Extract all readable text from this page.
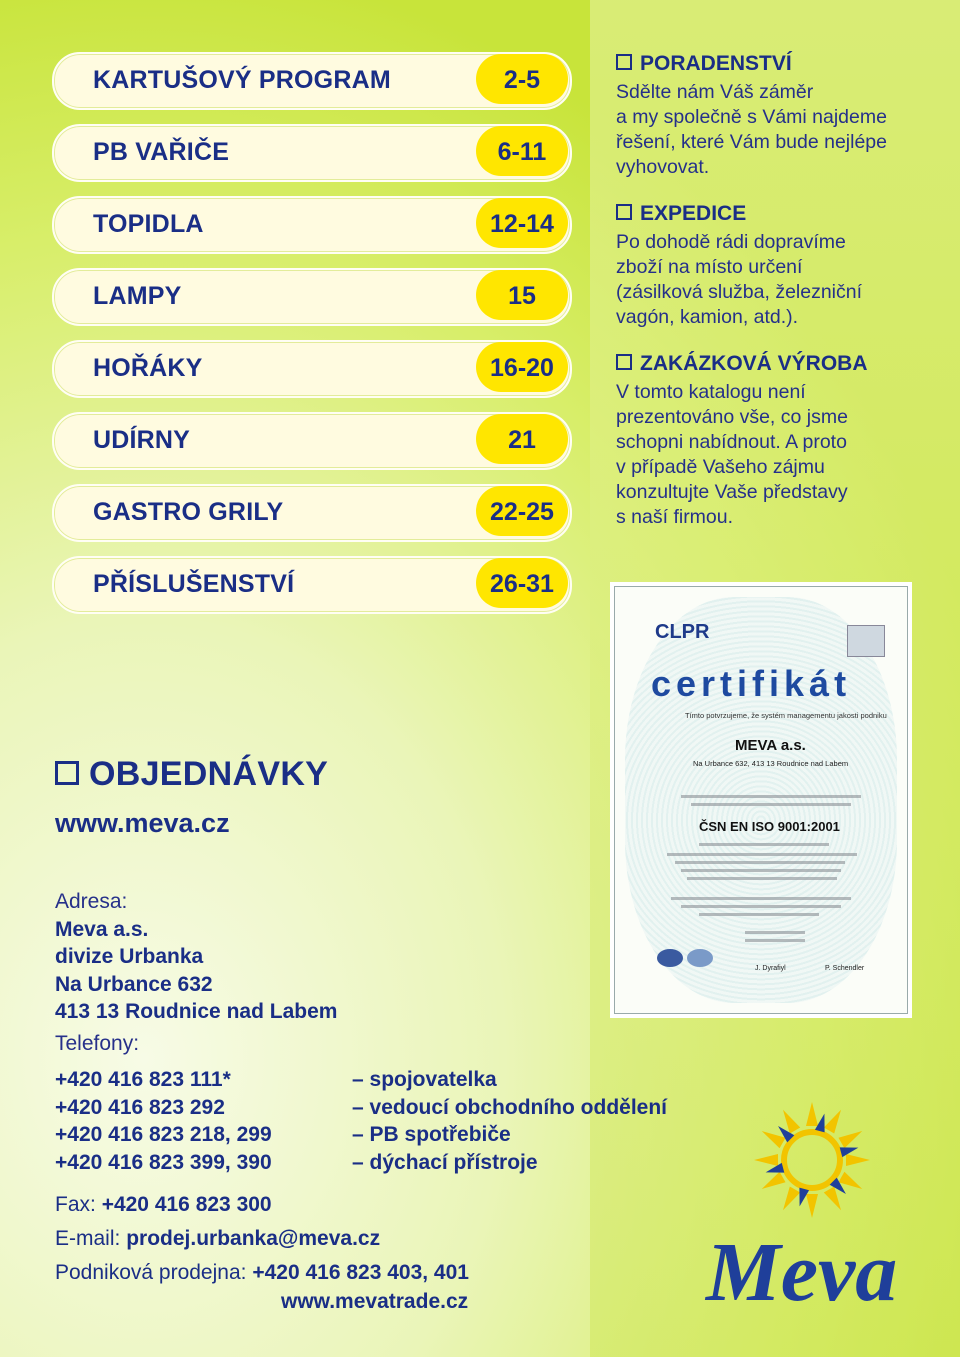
KARTUŠOVÝ PROGRAM	2-5
PB VAŘIČE	6-11
TOPIDLA	12-14
LAMPY	15
HOŘÁKY	16-20
UDÍRNY	21
GASTRO GRILY	22-25
PŘÍSLUŠENSTVÍ	26-31
PORADENSTVÍ

Sdělte nám Váš záměr
a my společně s Vámi najdeme
řešení, které Vám bude nejlépe
vyhovovat.

EXPEDICE

Po dohodě rádi dopravíme
zboží na místo určení
(zásilková služba, železniční
vagón, kamion, atd.).

ZAKÁZKOVÁ VÝROBA

V tomto katalogu není
prezentováno vše, co jsme
schopni nabídnout. A proto
v případě Vašeho zájmu
konzultujte Vaše představy
s naší firmou.

CLPR
certifikát
Tímto potvrzujeme, že systém managementu jakosti podniku
MEVA a.s.
Na Urbance 632, 413 13 Roudnice nad Labem
ČSN EN ISO 9001:2001
J. Dyrafiyl	P. Schendler
OBJEDNÁVKY
www.meva.cz
Adresa:
Meva a.s.
divize Urbanka
Na Urbance 632
413 13 Roudnice nad Labem
Telefony:
+420 416 823 111*	– spojovatelka
+420 416 823 292	– vedoucí obchodního oddělení
+420 416 823 218, 299	– PB spotřebiče
+420 416 823 399, 390	– dýchací přístroje
Fax: +420 416 823 300
E-mail: prodej.urbanka@meva.cz
Podniková prodejna: +420 416 823 403, 401
www.mevatrade.cz	Meva
